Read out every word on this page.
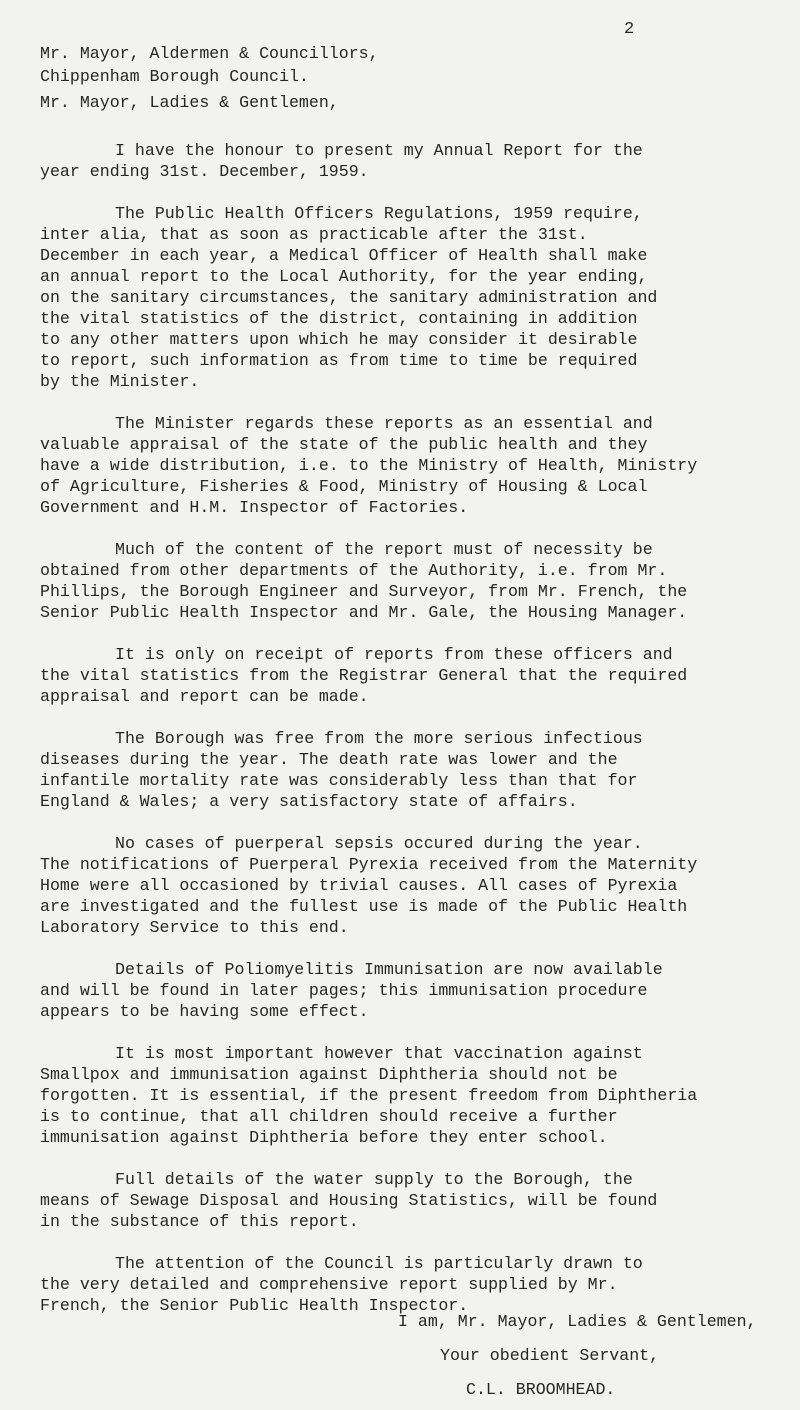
2
Mr. Mayor, Aldermen & Councillors,
Chippenham Borough Council.
Mr. Mayor, Ladies & Gentlemen,

I have the honour to present my Annual Report for the
year ending 31st. December, 1959.

The Public Health Officers Regulations, 1959 require,
inter alia, that as soon as practicable after the 31st.
December in each year, a Medical Officer of Health shall make
an annual report to the Local Authority, for the year ending,
on the sanitary circumstances, the sanitary administration and
the vital statistics of the district, containing in addition
to any other matters upon which he may consider it desirable
to report, such information as from time to time be required
by the Minister.

The Minister regards these reports as an essential and
valuable appraisal of the state of the public health and they
have a wide distribution, i.e. to the Ministry of Health, Ministry
of Agriculture, Fisheries & Food, Ministry of Housing & Local
Government and H.M. Inspector of Factories.

Much of the content of the report must of necessity be
obtained from other departments of the Authority, i.e. from Mr.
Phillips, the Borough Engineer and Surveyor, from Mr. French, the
Senior Public Health Inspector and Mr. Gale, the Housing Manager.

It is only on receipt of reports from these officers and
the vital statistics from the Registrar General that the required
appraisal and report can be made.

The Borough was free from the more serious infectious
diseases during the year. The death rate was lower and the
infantile mortality rate was considerably less than that for
England & Wales; a very satisfactory state of affairs.

No cases of puerperal sepsis occured during the year.
The notifications of Puerperal Pyrexia received from the Maternity
Home were all occasioned by trivial causes. All cases of Pyrexia
are investigated and the fullest use is made of the Public Health
Laboratory Service to this end.

Details of Poliomyelitis Immunisation are now available
and will be found in later pages; this immunisation procedure
appears to be having some effect.

It is most important however that vaccination against
Smallpox and immunisation against Diphtheria should not be
forgotten. It is essential, if the present freedom from Diphtheria
is to continue, that all children should receive a further
immunisation against Diphtheria before they enter school.

Full details of the water supply to the Borough, the
means of Sewage Disposal and Housing Statistics, will be found
in the substance of this report.

The attention of the Council is particularly drawn to
the very detailed and comprehensive report supplied by Mr.
French, the Senior Public Health Inspector.

I am, Mr. Mayor, Ladies & Gentlemen,
Your obedient Servant,
C.L. BROOMHEAD.
